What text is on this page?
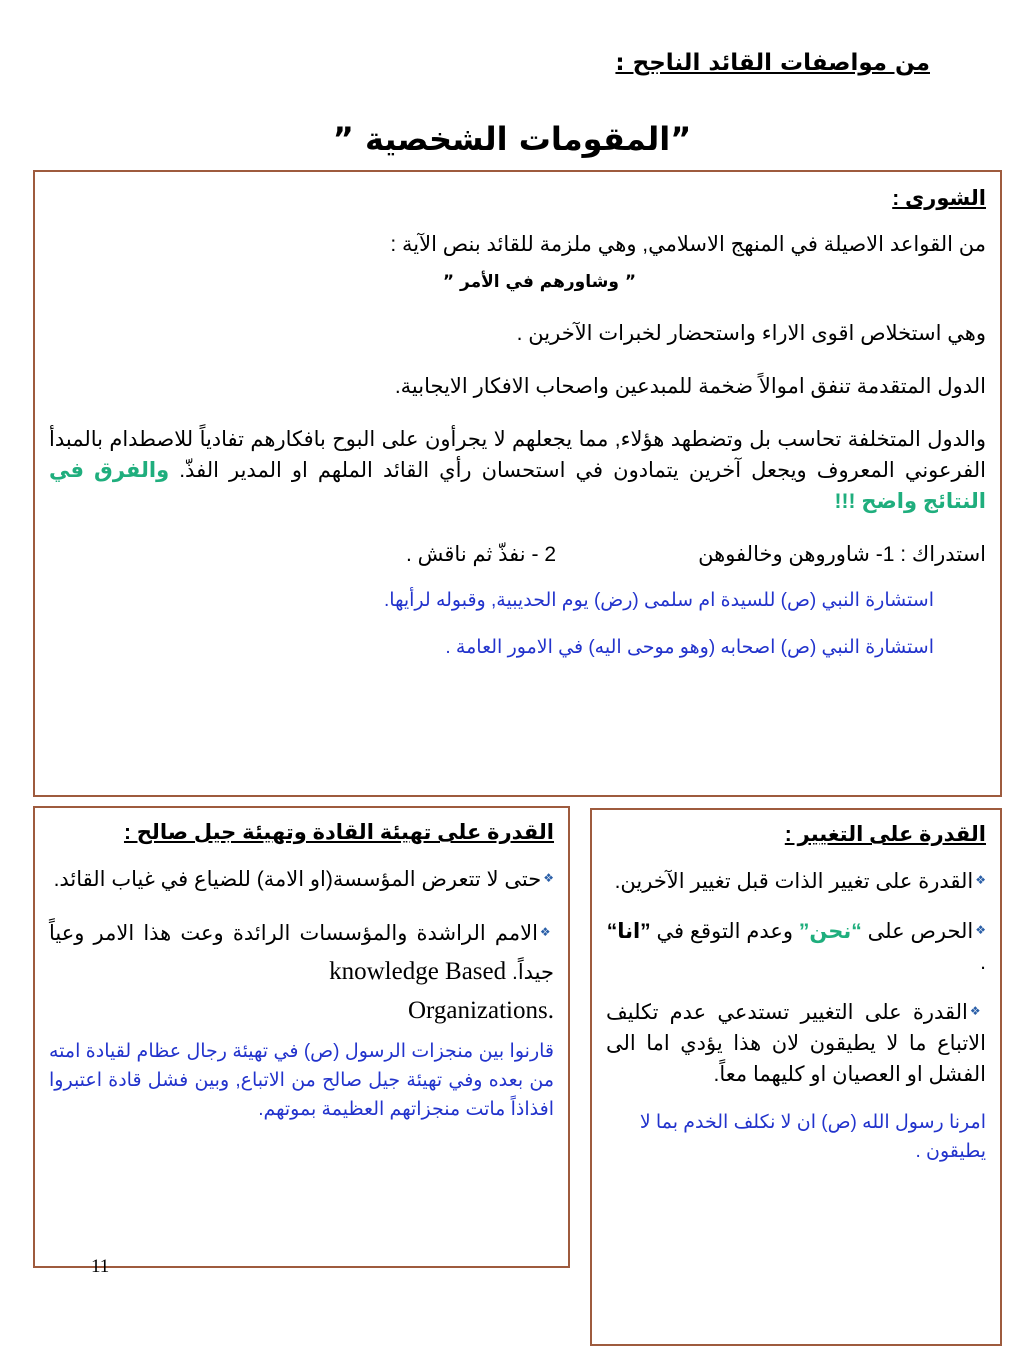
من مواصفات القائد الناجح :
”المقومات الشخصية ”
الشورى :

من القواعد الاصيلة في المنهج الاسلامي, وهي ملزمة للقائد بنص الآية :

” وشاورهم في الأمر ”

وهي استخلاص اقوى الاراء واستحضار لخبرات الآخرين .

الدول المتقدمة تنفق اموالاً ضخمة للمبدعين واصحاب الافكار الايجابية.

والدول المتخلفة تحاسب بل وتضطهد هؤلاء, مما يجعلهم لا يجرأون على البوح بافكارهم تفادياً للاصطدام بالمبدأ الفرعوني المعروف ويجعل آخرين يتمادون في استحسان رأي القائد الملهم او المدير الفذّ. والفرق في النتائج واضح !!!

استدراك : 1- شاوروهن وخالفوهن
2 - نفذّ ثم ناقش .

استشارة النبي (ص) للسيدة ام سلمى (رض) يوم الحديبية, وقبوله لرأيها.

استشارة النبي (ص) اصحابه (وهو موحى اليه) في الامور العامة .

القدرة على تهيئة القادة وتهيئة جيل صالح :

❖حتى لا تتعرض المؤسسة(او الامة) للضياع في غياب القائد.

❖الامم الراشدة والمؤسسات الرائدة وعت هذا الامر وعياً جيداً. knowledge Based
Organizations.

قارنوا بين منجزات الرسول (ص) في تهيئة رجال عظام لقيادة امته من بعده وفي تهيئة جيل صالح من الاتباع, وبين فشل قادة اعتبروا افذاذاً ماتت منجزاتهم العظيمة بموتهم.

القدرة على التغيير :

❖القدرة على تغيير الذات قبل تغيير الآخرين.

❖الحرص على “نحن” وعدم التوقع في ”انا“ .

❖القدرة على التغيير تستدعي عدم تكليف الاتباع ما لا يطيقون لان هذا يؤدي اما الى الفشل او العصيان او كليهما معاً.

امرنا رسول الله (ص) ان لا نكلف الخدم بما لا يطيقون .

11
